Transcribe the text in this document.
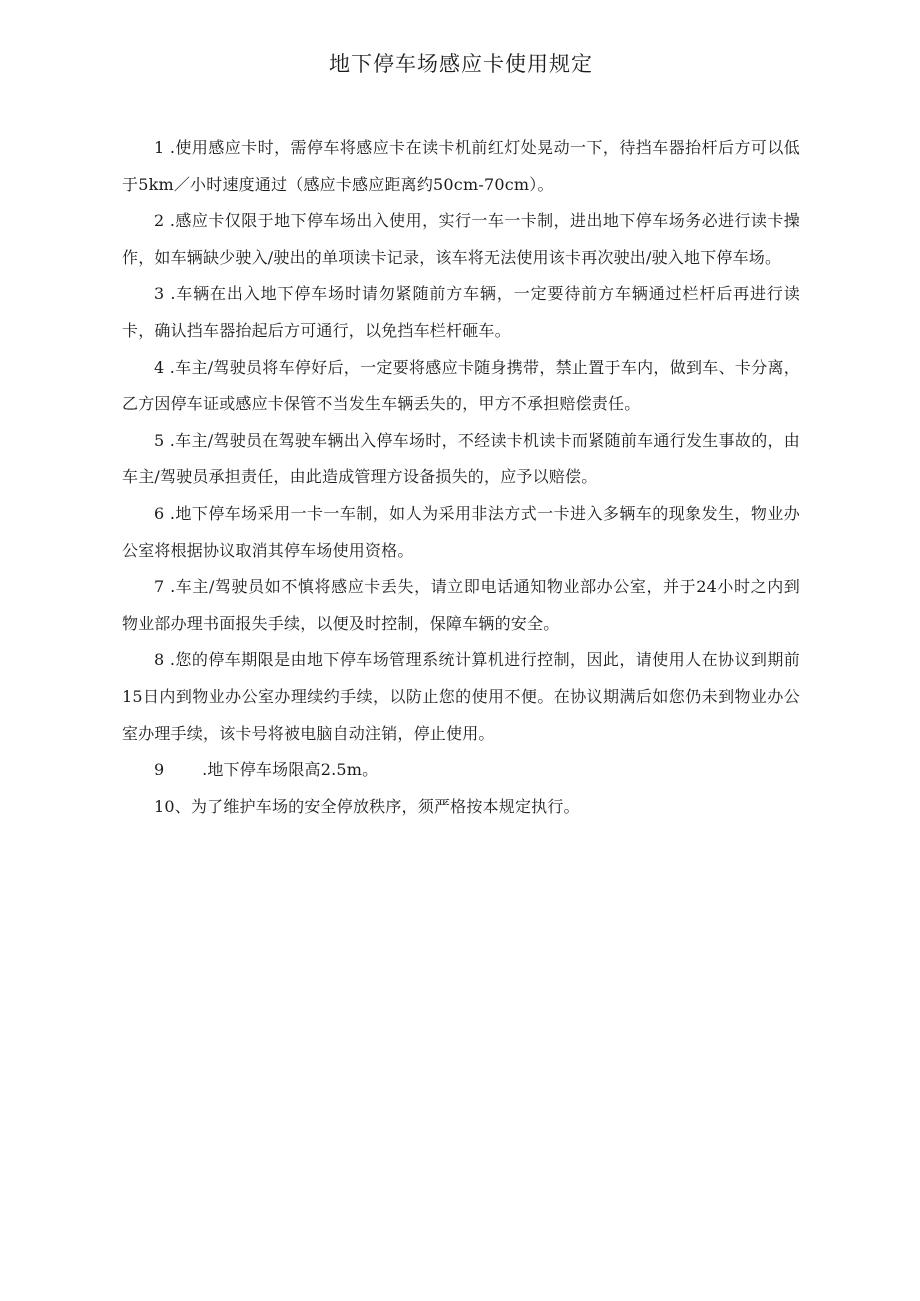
地下停车场感应卡使用规定

1 .使用感应卡时，需停车将感应卡在读卡机前红灯处晃动一下，待挡车器抬杆后方可以低于5km／小时速度通过（感应卡感应距离约50cm-70cm）。

2 .感应卡仅限于地下停车场出入使用，实行一车一卡制，进出地下停车场务必进行读卡操作，如车辆缺少驶入/驶出的单项读卡记录，该车将无法使用该卡再次驶出/驶入地下停车场。

3 .车辆在出入地下停车场时请勿紧随前方车辆，一定要待前方车辆通过栏杆后再进行读卡，确认挡车器抬起后方可通行，以免挡车栏杆砸车。

4 .车主/驾驶员将车停好后，一定要将感应卡随身携带，禁止置于车内，做到车、卡分离，乙方因停车证或感应卡保管不当发生车辆丢失的，甲方不承担赔偿责任。

5 .车主/驾驶员在驾驶车辆出入停车场时，不经读卡机读卡而紧随前车通行发生事故的，由车主/驾驶员承担责任，由此造成管理方设备损失的，应予以赔偿。

6 .地下停车场采用一卡一车制，如人为采用非法方式一卡进入多辆车的现象发生，物业办公室将根据协议取消其停车场使用资格。

7 .车主/驾驶员如不慎将感应卡丢失，请立即电话通知物业部办公室，并于24小时之内到物业部办理书面报失手续，以便及时控制，保障车辆的安全。

8 .您的停车期限是由地下停车场管理系统计算机进行控制，因此，请使用人在协议到期前15日内到物业办公室办理续约手续，以防止您的使用不便。在协议期满后如您仍未到物业办公室办理手续，该卡号将被电脑自动注销，停止使用。

9 　　.地下停车场限高2.5m。

10、为了维护车场的安全停放秩序，须严格按本规定执行。
